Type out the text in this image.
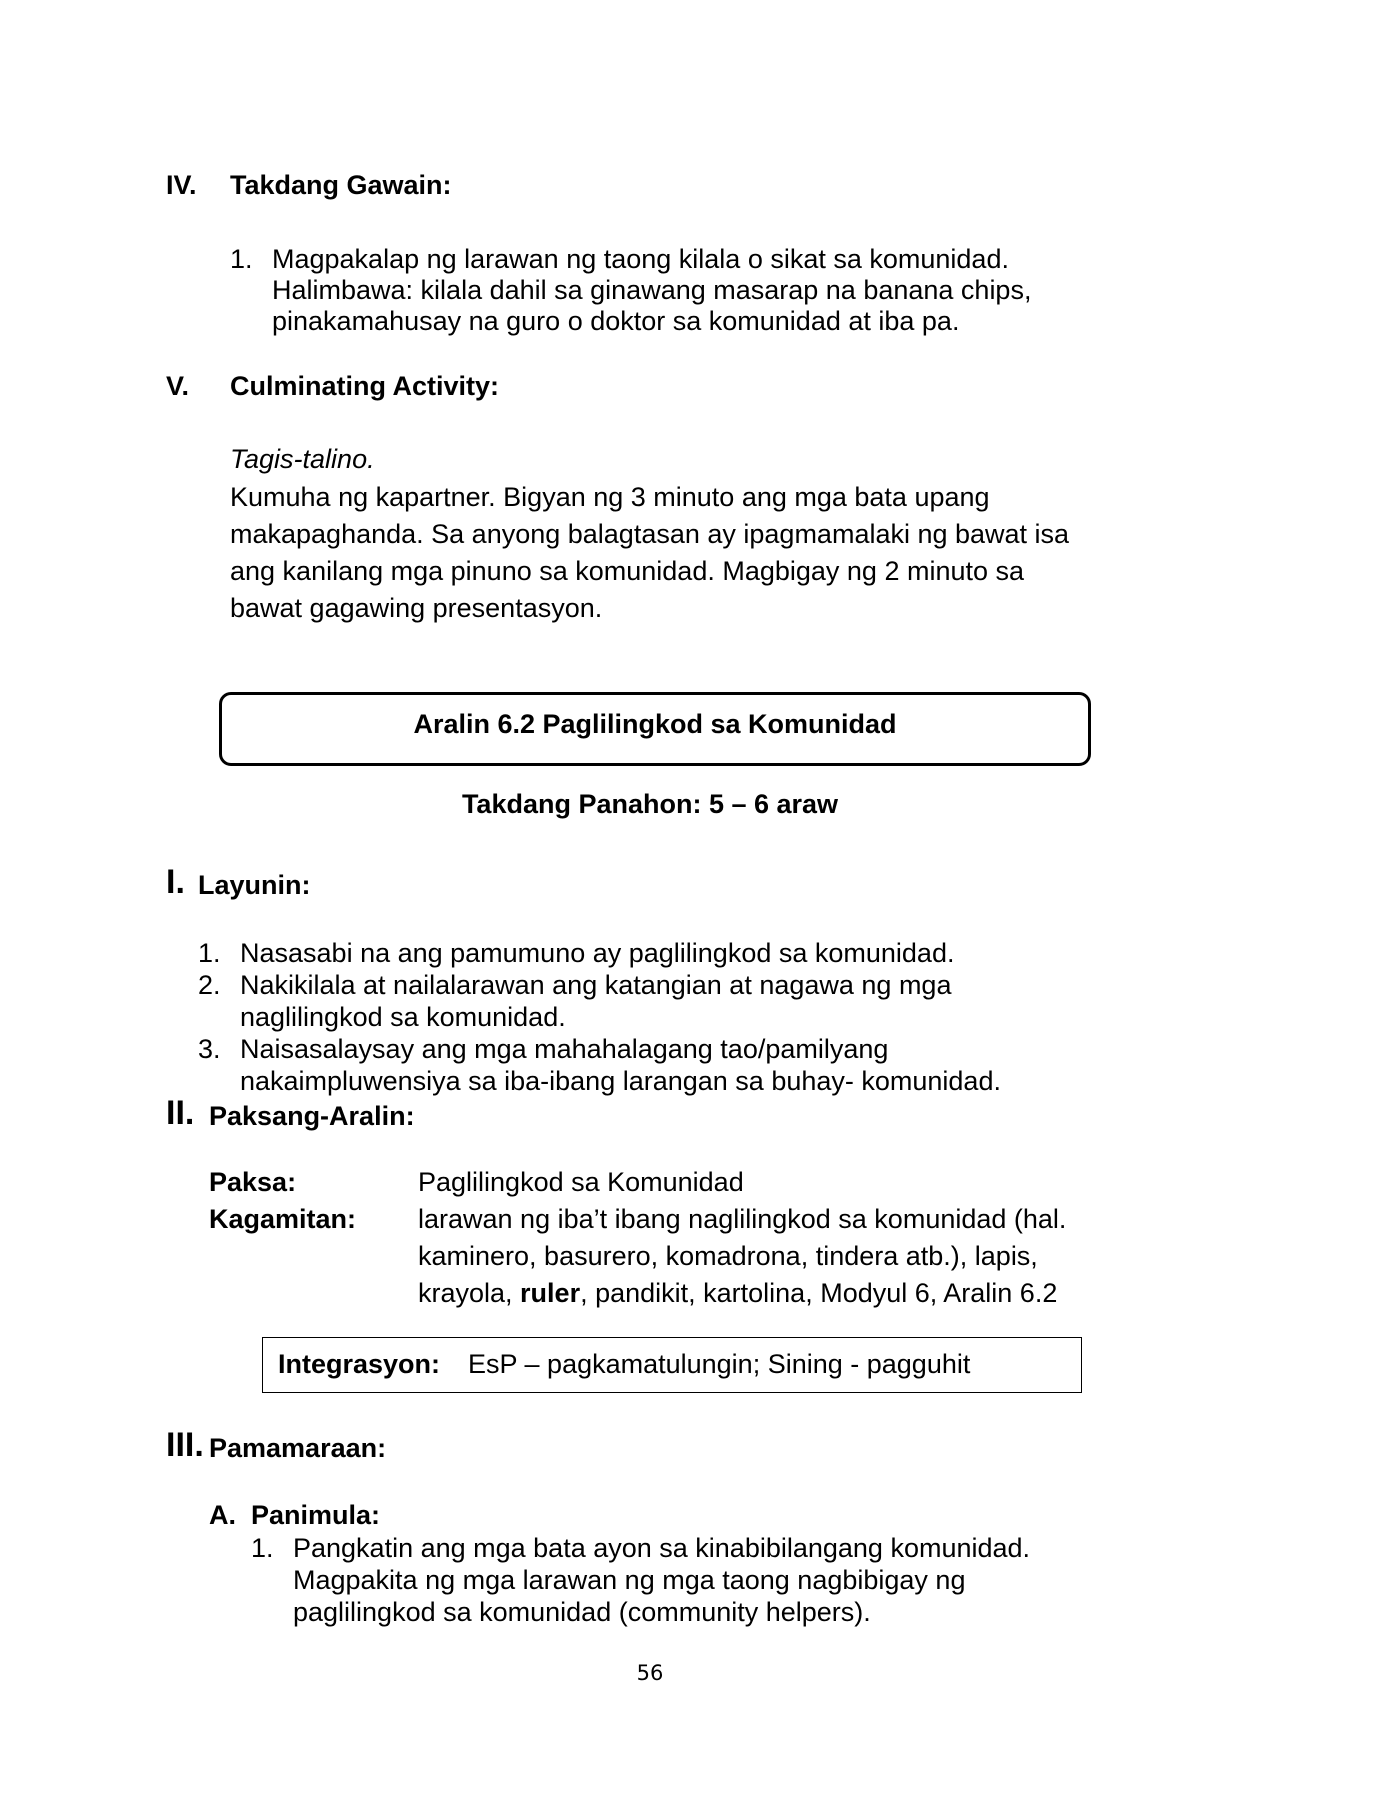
IV. Takdang Gawain:
1. Magpakalap ng larawan ng taong kilala o sikat sa komunidad.
Halimbawa: kilala dahil sa ginawang masarap na banana chips,
pinakamahusay na guro o doktor sa komunidad at iba pa.
V. Culminating Activity:
Tagis-talino.
Kumuha ng kapartner. Bigyan ng 3 minuto ang mga bata upang
makapaghanda. Sa anyong balagtasan ay ipagmamalaki ng bawat isa
ang kanilang mga pinuno sa komunidad. Magbigay ng 2 minuto sa
bawat gagawing presentasyon.
Aralin 6.2 Paglilingkod sa Komunidad
Takdang Panahon: 5 – 6 araw
I. Layunin:
1. Nasasabi na ang pamumuno ay paglilingkod sa komunidad.
2. Nakikilala at nailalarawan ang katangian at nagawa ng mga
naglilingkod sa komunidad.
3. Naisasalaysay ang mga mahahalagang tao/pamilyang
nakaimpluwensiya sa iba-ibang larangan sa buhay- komunidad.
II. Paksang-Aralin:
Paksa:	Paglilingkod sa Komunidad
Kagamitan: larawan ng iba’t ibang naglilingkod sa komunidad (hal.
kaminero, basurero, komadrona, tindera atb.), lapis,
krayola, ruler, pandikit, kartolina, Modyul 6, Aralin 6.2
Integrasyon: EsP – pagkamatulungin; Sining - pagguhit
III. Pamamaraan:
A. Panimula:
1. Pangkatin ang mga bata ayon sa kinabibilangang komunidad.
Magpakita ng mga larawan ng mga taong nagbibigay ng
paglilingkod sa komunidad (community helpers).
56
